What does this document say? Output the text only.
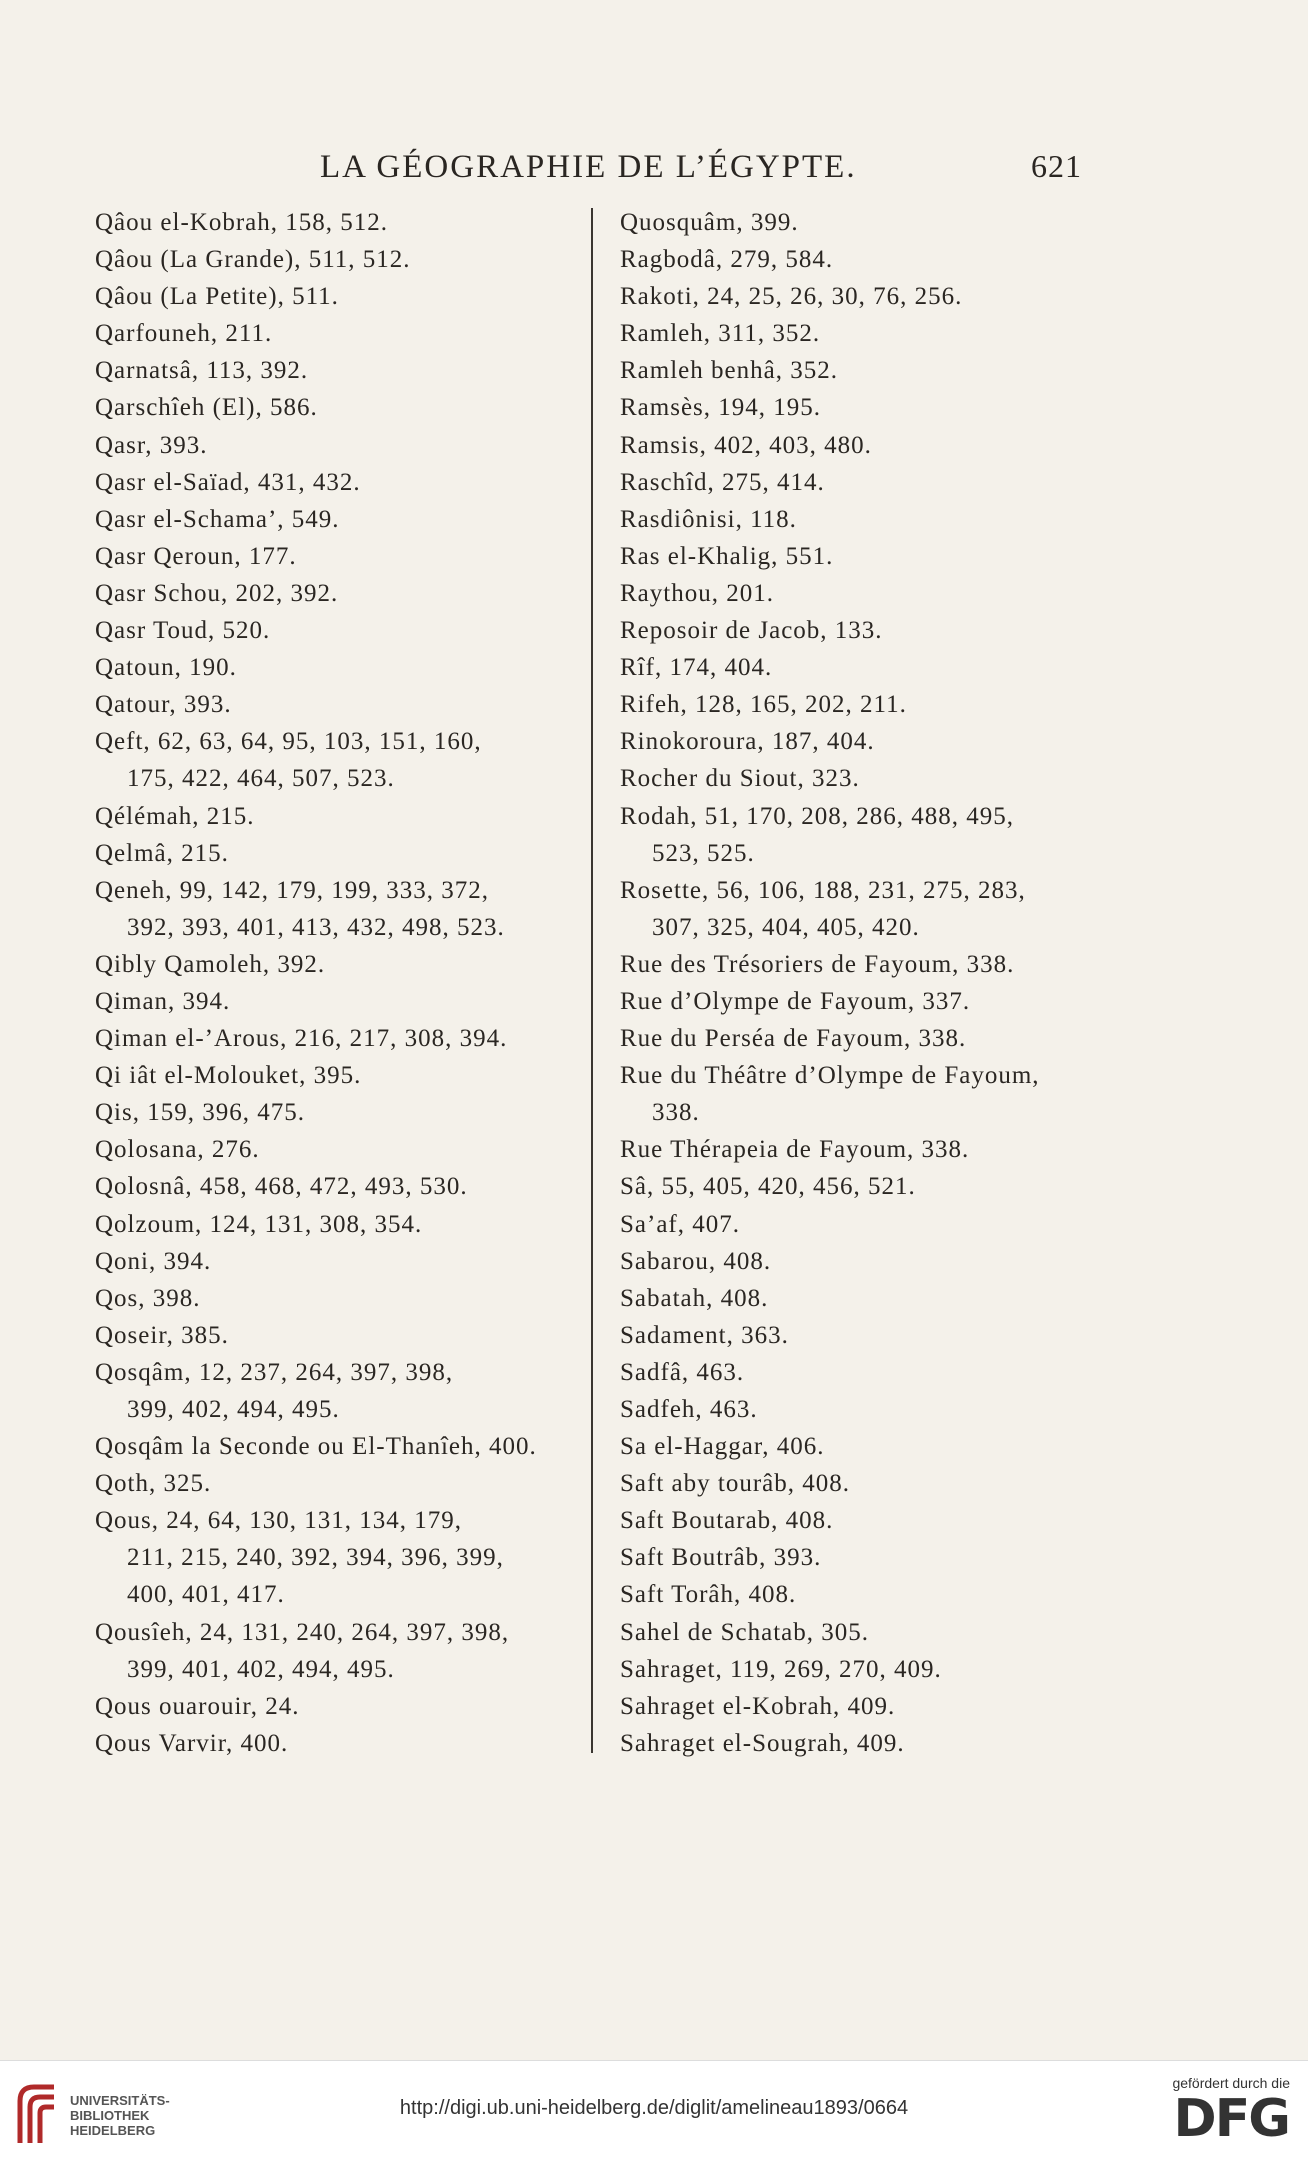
LA GÉOGRAPHIE DE L’ÉGYPTE.	621
Qâou el-Kobrah, 158, 512.
Qâou (La Grande), 511, 512.
Qâou (La Petite), 511.
Qarfouneh, 211.
Qarnatsâ, 113, 392.
Qarschîeh (El), 586.
Qasr, 393.
Qasr el-Saïad, 431, 432.
Qasr el-Schama’, 549.
Qasr Qeroun, 177.
Qasr Schou, 202, 392.
Qasr Toud, 520.
Qatoun, 190.
Qatour, 393.
Qeft, 62, 63, 64, 95, 103, 151, 160,
175, 422, 464, 507, 523.
Qélémah, 215.
Qelmâ, 215.
Qeneh, 99, 142, 179, 199, 333, 372,
392, 393, 401, 413, 432, 498, 523.
Qibly Qamoleh, 392.
Qiman, 394.
Qiman el-’Arous, 216, 217, 308, 394.
Qi iât el-Molouket, 395.
Qis, 159, 396, 475.
Qolosana, 276.
Qolosnâ, 458, 468, 472, 493, 530.
Qolzoum, 124, 131, 308, 354.
Qoni, 394.
Qos, 398.
Qoseir, 385.
Qosqâm, 12, 237, 264, 397, 398,
399, 402, 494, 495.
Qosqâm la Seconde ou El-Thanîeh, 400.
Qoth, 325.
Qous, 24, 64, 130, 131, 134, 179,
211, 215, 240, 392, 394, 396, 399,
400, 401, 417.
Qousîeh, 24, 131, 240, 264, 397, 398,
399, 401, 402, 494, 495.
Qous ouarouir, 24.
Qous Varvir, 400.
Quosquâm, 399.
Ragbodâ, 279, 584.
Rakoti, 24, 25, 26, 30, 76, 256.
Ramleh, 311, 352.
Ramleh benhâ, 352.
Ramsès, 194, 195.
Ramsis, 402, 403, 480.
Raschîd, 275, 414.
Rasdiônisi, 118.
Ras el-Khalig, 551.
Raythou, 201.
Reposoir de Jacob, 133.
Rîf, 174, 404.
Rifeh, 128, 165, 202, 211.
Rinokoroura, 187, 404.
Rocher du Siout, 323.
Rodah, 51, 170, 208, 286, 488, 495,
523, 525.
Rosette, 56, 106, 188, 231, 275, 283,
307, 325, 404, 405, 420.
Rue des Trésoriers de Fayoum, 338.
Rue d’Olympe de Fayoum, 337.
Rue du Perséa de Fayoum, 338.
Rue du Théâtre d’Olympe de Fayoum,
338.
Rue Thérapeia de Fayoum, 338.
Sâ, 55, 405, 420, 456, 521.
Sa’af, 407.
Sabarou, 408.
Sabatah, 408.
Sadament, 363.
Sadfâ, 463.
Sadfeh, 463.
Sa el-Haggar, 406.
Saft aby tourâb, 408.
Saft Boutarab, 408.
Saft Boutrâb, 393.
Saft Torâh, 408.
Sahel de Schatab, 305.
Sahraget, 119, 269, 270, 409.
Sahraget el-Kobrah, 409.
Sahraget el-Sougrah, 409.
UNIVERSITÄTS-
BIBLIOTHEK
HEIDELBERG
http://digi.ub.uni-heidelberg.de/diglit/amelineau1893/0664
gefördert durch die
DFG
